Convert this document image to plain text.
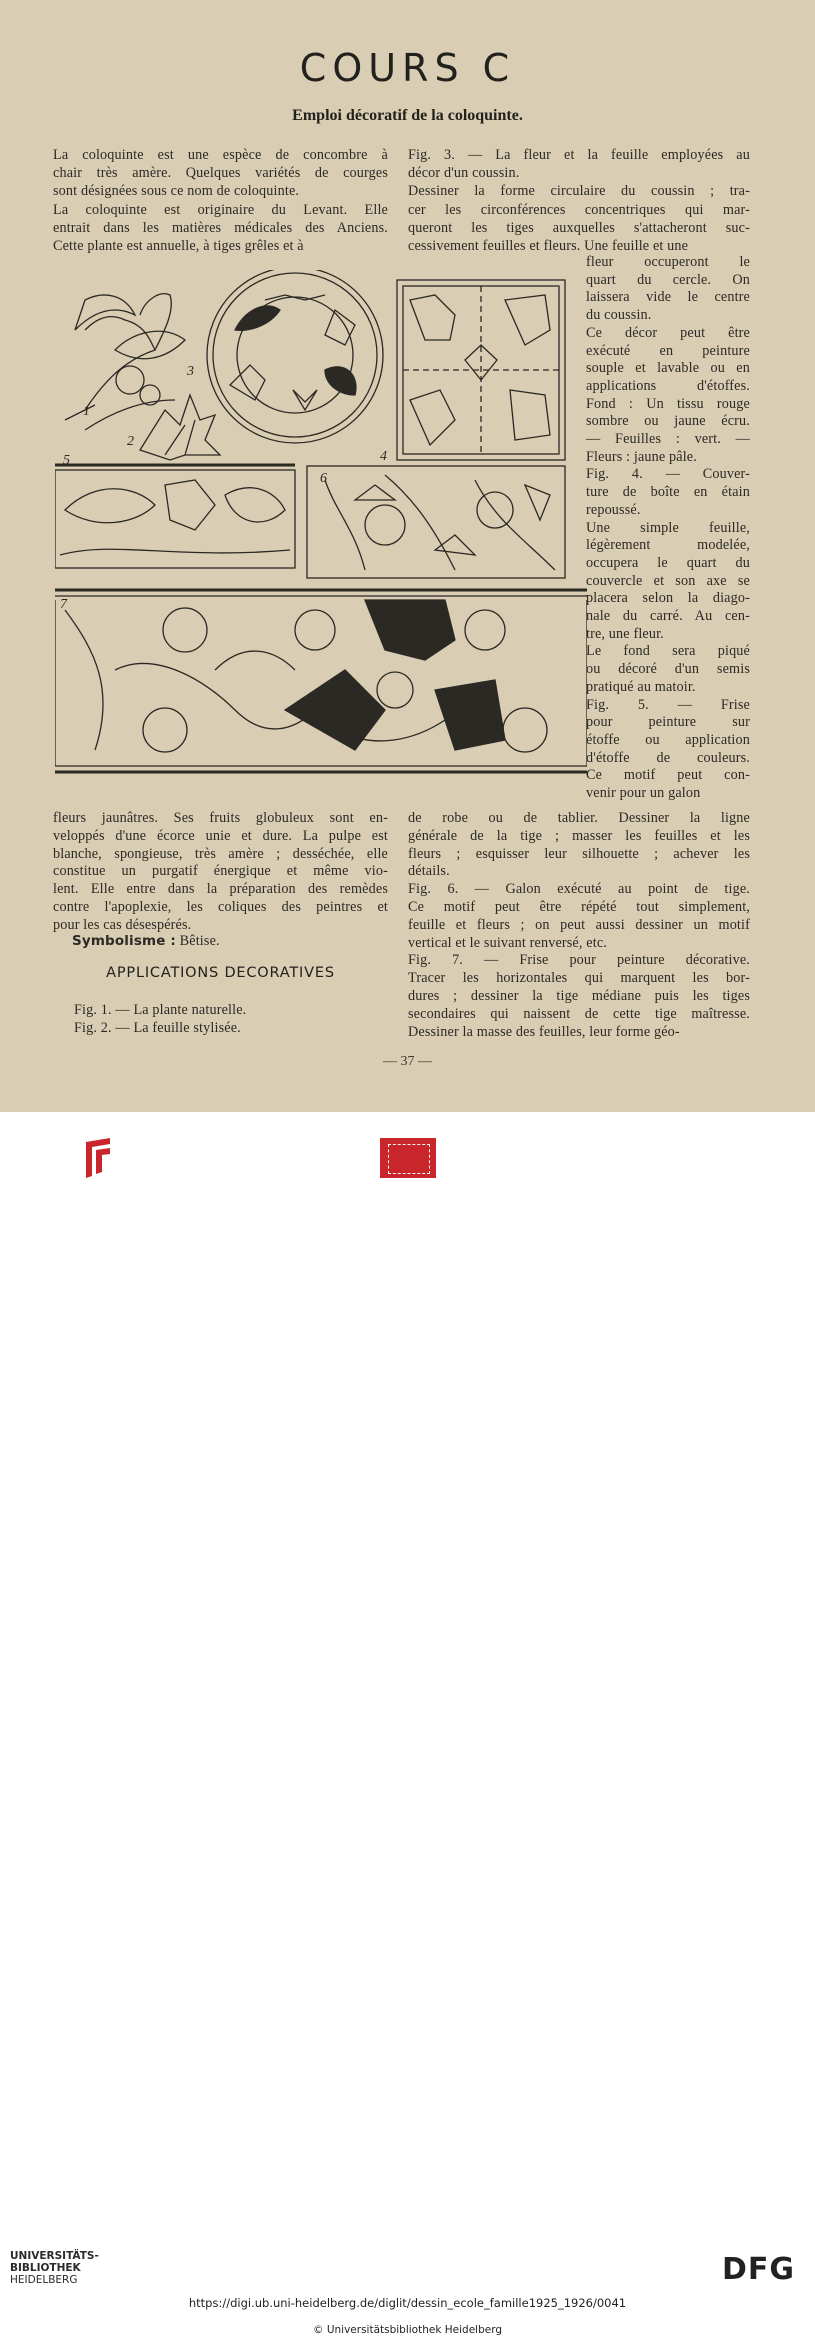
COURS C
Emploi décoratif de la coloquinte.
La coloquinte est une espèce de concombre à
chair très amère. Quelques variétés de courges
sont désignées sous ce nom de coloquinte.
La coloquinte est originaire du Levant. Elle
entrait dans les matières médicales des Anciens.
Cette plante est annuelle, à tiges grêles et à
Fig. 3. — La fleur et la feuille employées au
décor d'un coussin.
Dessiner la forme circulaire du coussin ; tra-
cer les circonférences concentriques qui mar-
queront les tiges auxquelles s'attacheront suc-
cessivement feuilles et fleurs. Une feuille et une
fleur occuperont le
quart du cercle. On
laissera vide le centre
du coussin.
Ce décor peut être
exécuté en peinture
souple et lavable ou en
applications d'étoffes.
Fond : Un tissu rouge
sombre ou jaune écru.
— Feuilles : vert. —
Fleurs : jaune pâle.
Fig. 4. — Couver-
ture de boîte en étain
repoussé.
Une simple feuille,
légèrement modelée,
occupera le quart du
couvercle et son axe se
placera selon la diago-
nale du carré. Au cen-
tre, une fleur.
Le fond sera piqué
ou décoré d'un semis
pratiqué au matoir.
Fig. 5. — Frise
pour peinture sur
étoffe ou application
d'étoffe de couleurs.
Ce motif peut con-
venir pour un galon
1
2
3
4
5
6
7
fleurs jaunâtres. Ses fruits globuleux sont en-
veloppés d'une écorce unie et dure. La pulpe est
blanche, spongieuse, très amère ; desséchée, elle
constitue un purgatif énergique et même vio-
lent. Elle entre dans la préparation des remèdes
contre l'apoplexie, les coliques des peintres et
pour les cas désespérés.
de robe ou de tablier. Dessiner la ligne
générale de la tige ; masser les feuilles et les
fleurs ; esquisser leur silhouette ; achever les
détails.
Fig. 6. — Galon exécuté au point de tige.
Ce motif peut être répété tout simplement,
feuille et fleurs ; on peut aussi dessiner un motif
vertical et le suivant renversé, etc.
Fig. 7. — Frise pour peinture décorative.
Tracer les horizontales qui marquent les bor-
dures ; dessiner la tige médiane puis les tiges
secondaires qui naissent de cette tige maîtresse.
Dessiner la masse des feuilles, leur forme géo-
Symbolisme : Bêtise.
APPLICATIONS DECORATIVES
Fig. 1. — La plante naturelle.
Fig. 2. — La feuille stylisée.
— 37 —
UNIVERSITÄTS-
BIBLIOTHEK
HEIDELBERG	DFG
https://digi.ub.uni-heidelberg.de/diglit/dessin_ecole_famille1925_1926/0041
© Universitätsbibliothek Heidelberg
